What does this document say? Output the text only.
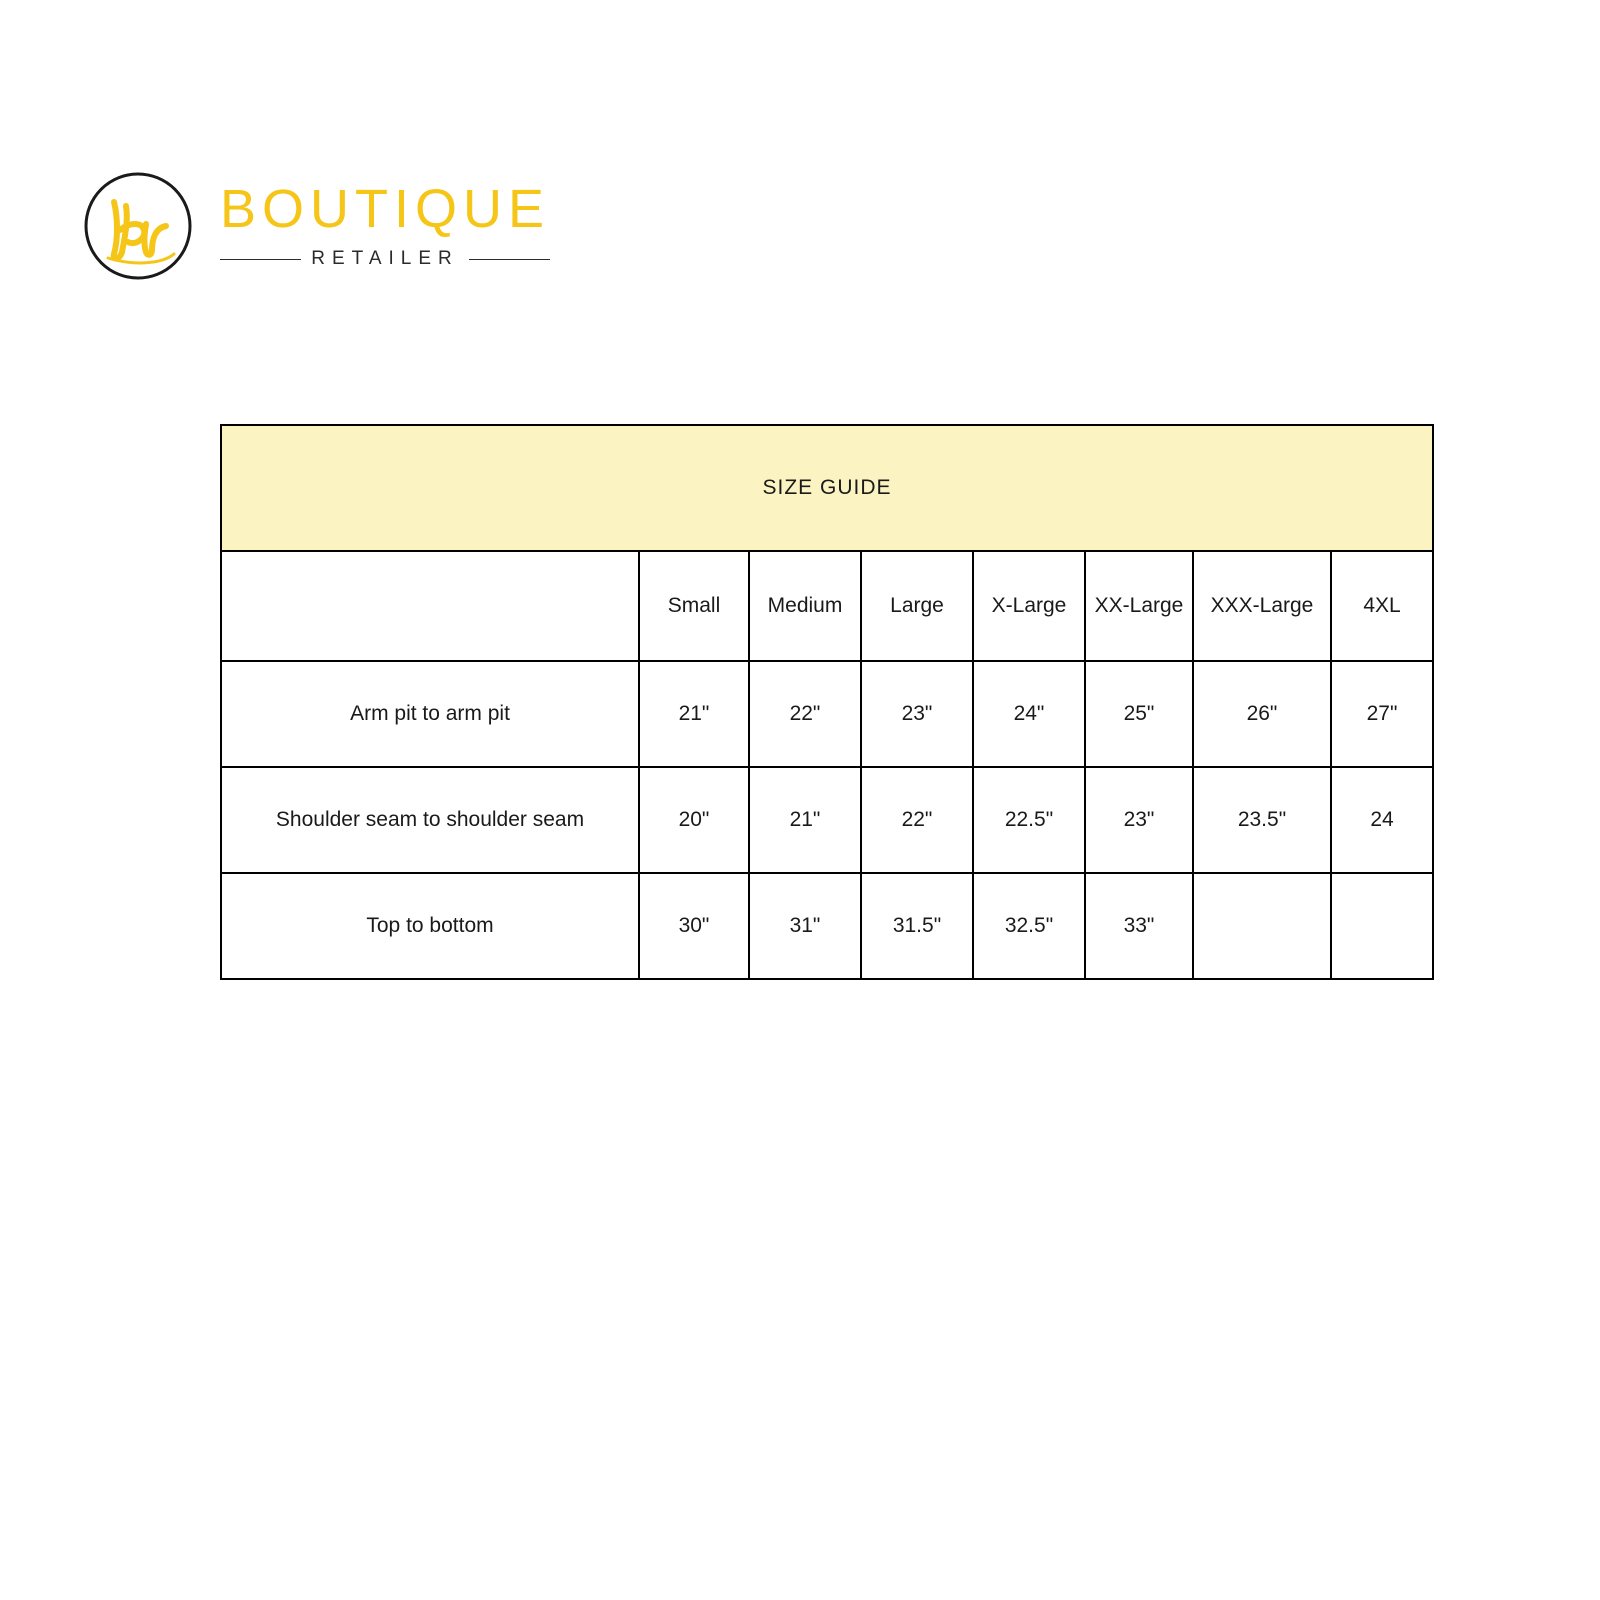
BOUTIQUE
RETAILER
SIZE GUIDE							
	Small	Medium	Large	X-Large	XX-Large	XXX-Large	4XL
Arm pit to arm pit	21"	22"	23"	24"	25"	26"	27"
Shoulder seam to shoulder seam	20"	21"	22"	22.5"	23"	23.5"	24
Top to bottom	30"	31"	31.5"	32.5"	33"		
